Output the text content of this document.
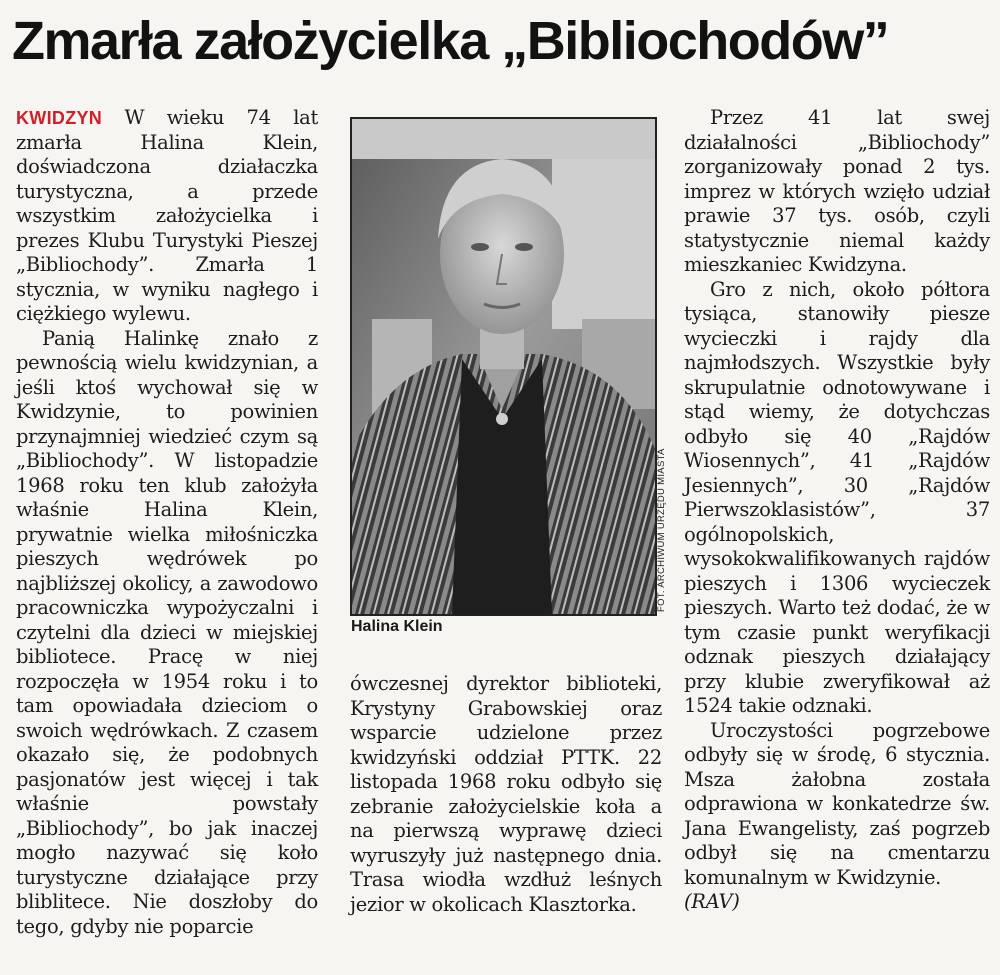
Zmarła założycielka „Bibliochodów”

KWIDZYN W wieku 74 lat zmarła Halina Klein, doświadczona działaczka turystyczna, a przede wszystkim założycielka i prezes Klubu Turystyki Pieszej „Bibliochody”. Zmarła 1 stycznia, w wyniku nagłego i ciężkiego wylewu.

Panią Halinkę znało z pewnością wielu kwidzynian, a jeśli ktoś wychował się w Kwidzynie, to powinien przynajmniej wiedzieć czym są „Bibliochody”. W listopadzie 1968 roku ten klub założyła właśnie Halina Klein, prywatnie wielka miłośniczka pieszych wędrówek po najbliższej okolicy, a zawodowo pracowniczka wypożyczalni i czytelni dla dzieci w miejskiej bibliotece. Pracę w niej rozpoczęła w 1954 roku i to tam opowiadała dzieciom o swoich wędrówkach. Z czasem okazało się, że podobnych pasjonatów jest więcej i tak właśnie powstały „Bibliochody”, bo jak inaczej mogło nazywać się koło turystyczne działające przy bliblitece. Nie doszłoby do tego, gdyby nie poparcie

FOT. ARCHIWUM URZĘDU MIASTA
Halina Klein

ówczesnej dyrektor biblioteki, Krystyny Grabowskiej oraz wsparcie udzielone przez kwidzyński oddział PTTK. 22 listopada 1968 roku odbyło się zebranie założycielskie koła a na pierwszą wyprawę dzieci wyruszyły już następnego dnia. Trasa wiodła wzdłuż leśnych jezior w okolicach Klasztorka.

Przez 41 lat swej działalności „Bibliochody” zorganizowały ponad 2 tys. imprez w których wzięło udział prawie 37 tys. osób, czyli statystycznie niemal każdy mieszkaniec Kwidzyna.

Gro z nich, około półtora tysiąca, stanowiły piesze wycieczki i rajdy dla najmłodszych. Wszystkie były skrupulatnie odnotowywane i stąd wiemy, że dotychczas odbyło się 40 „Rajdów Wiosennych”, 41 „Rajdów Jesiennych”, 30 „Rajdów Pierwszoklasistów”, 37 ogólnopolskich, wysokokwalifikowanych rajdów pieszych i 1306 wycieczek pieszych. Warto też dodać, że w tym czasie punkt weryfikacji odznak pieszych działający przy klubie zweryfikował aż 1524 takie odznaki.

Uroczystości pogrzebowe odbyły się w środę, 6 stycznia. Msza żałobna została odprawiona w konkatedrze św. Jana Ewangelisty, zaś pogrzeb odbył się na cmentarzu komunalnym w Kwidzynie.

(RAV)
